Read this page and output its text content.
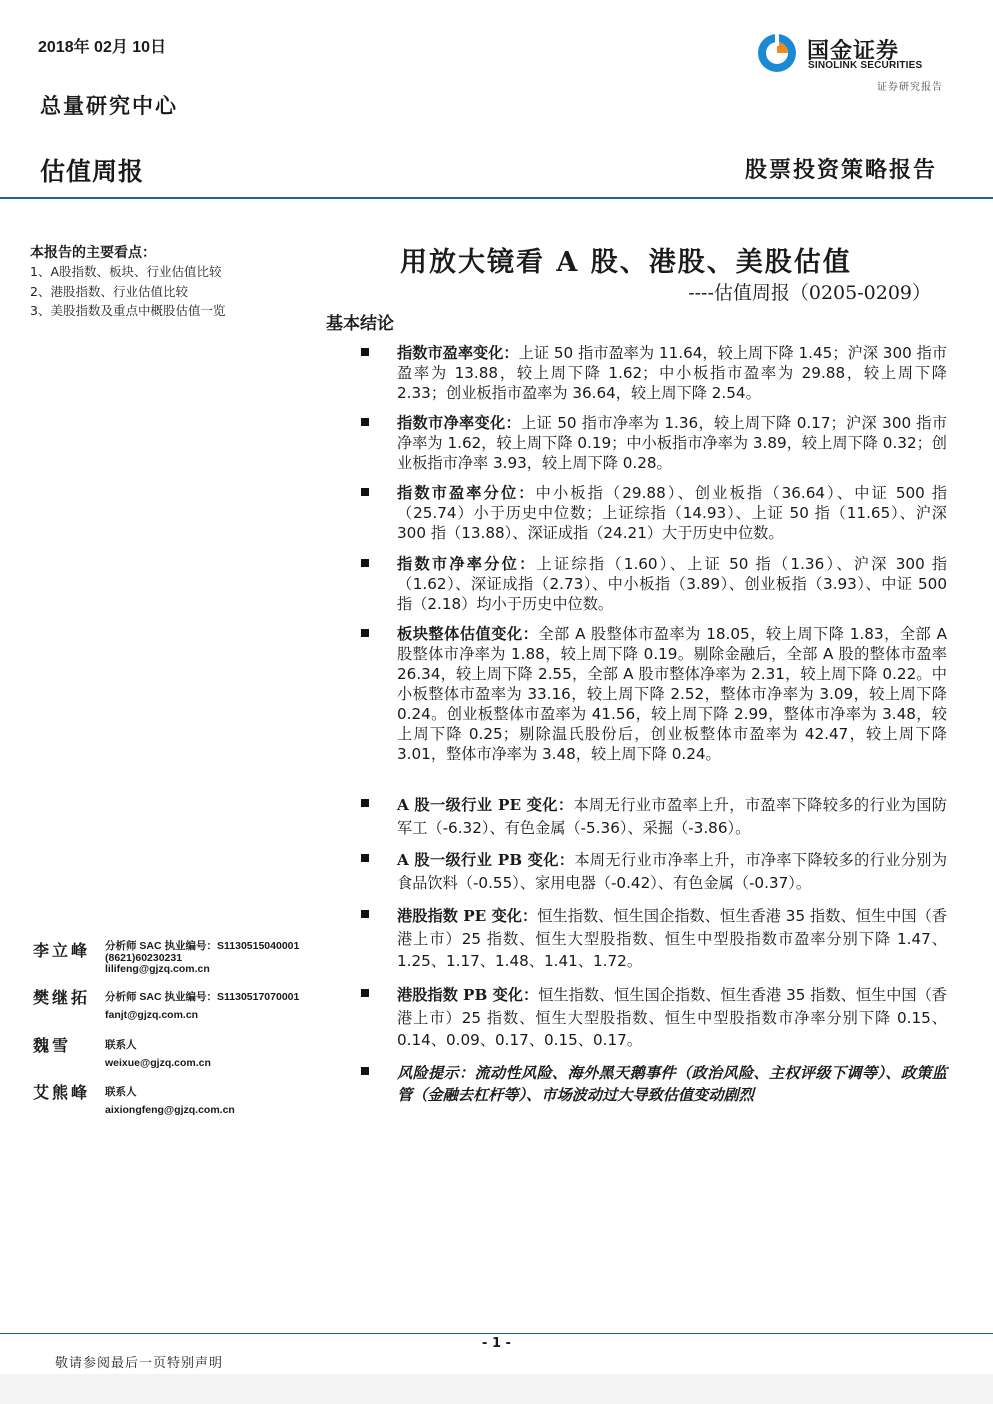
2018年 02月 10日
总量研究中心
估值周报	股票投资策略报告
国金证券
SINOLINK SECURITIES
证券研究报告
本报告的主要看点：
1、A股指数、板块、行业估值比较
2、港股指数、行业估值比较
3、美股指数及重点中概股估值一览
用放大镜看 A 股、港股、美股估值
----估值周报（0205-0209）
基本结论
指数市盈率变化：上证 50 指市盈率为 11.64，较上周下降 1.45；沪深 300 指市盈率为 13.88，较上周下降 1.62；中小板指市盈率为 29.88，较上周下降 2.33；创业板指市盈率为 36.64，较上周下降 2.54。
指数市净率变化：上证 50 指市净率为 1.36，较上周下降 0.17；沪深 300 指市净率为 1.62，较上周下降 0.19；中小板指市净率为 3.89，较上周下降 0.32；创业板指市净率 3.93，较上周下降 0.28。
指数市盈率分位：中小板指（29.88）、创业板指（36.64）、中证 500 指（25.74）小于历史中位数；上证综指（14.93）、上证 50 指（11.65）、沪深 300 指（13.88）、深证成指（24.21）大于历史中位数。
指数市净率分位：上证综指（1.60）、上证 50 指（1.36）、沪深 300 指（1.62）、深证成指（2.73）、中小板指（3.89）、创业板指（3.93）、中证 500 指（2.18）均小于历史中位数。
板块整体估值变化：全部 A 股整体市盈率为 18.05，较上周下降 1.83，全部 A 股整体市净率为 1.88，较上周下降 0.19。剔除金融后，全部 A 股的整体市盈率 26.34，较上周下降 2.55，全部 A 股市整体净率为 2.31，较上周下降 0.22。中小板整体市盈率为 33.16，较上周下降 2.52，整体市净率为 3.09，较上周下降 0.24。创业板整体市盈率为 41.56，较上周下降 2.99，整体市净率为 3.48，较上周下降 0.25；剔除温氏股份后，创业板整体市盈率为 42.47，较上周下降 3.01，整体市净率为 3.48，较上周下降 0.24。
A 股一级行业 PE 变化：本周无行业市盈率上升，市盈率下降较多的行业为国防军工（-6.32）、有色金属（-5.36）、采掘（-3.86）。
A 股一级行业 PB 变化：本周无行业市净率上升，市净率下降较多的行业分别为食品饮料（-0.55）、家用电器（-0.42）、有色金属（-0.37）。
港股指数 PE 变化：恒生指数、恒生国企指数、恒生香港 35 指数、恒生中国（香港上市）25 指数、恒生大型股指数、恒生中型股指数市盈率分别下降 1.47、1.25、1.17、1.48、1.41、1.72。
港股指数 PB 变化：恒生指数、恒生国企指数、恒生香港 35 指数、恒生中国（香港上市）25 指数、恒生大型股指数、恒生中型股指数市净率分别下降 0.15、0.14、0.09、0.17、0.15、0.17。
风险提示：流动性风险、海外黑天鹅事件（政治风险、主权评级下调等）、政策监管（金融去杠杆等）、市场波动过大导致估值变动剧烈
李立峰 分析师 SAC 执业编号：S1130515040001
(8621)60230231
lilifeng@gjzq.com.cn
樊继拓 分析师 SAC 执业编号：S1130517070001
fanjt@gjzq.com.cn
魏雪	联系人
weixue@gjzq.com.cn
艾熊峰 联系人
aixiongfeng@gjzq.com.cn
- 1 -
敬请参阅最后一页特别声明
